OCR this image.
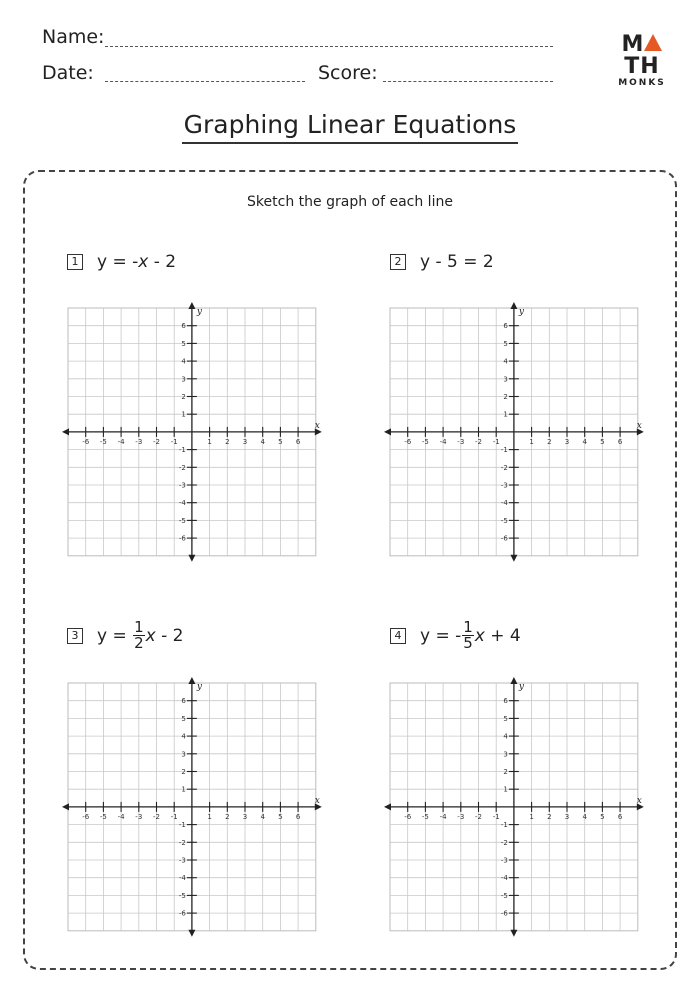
Name:
Date:	Score:
MTH
MONKS
Graphing Linear Equations
Sketch the graph of each line
1 y = - x - 2	2 y - 5 = 2
3 $y = \frac{1}{2}$ x - 2	4 y = - $\frac{1}{5}$ x + 4
-6 -5 -4 -3 -2 -1	1 2 3 4 5 6
6
5
4
3
2
1
-1
-2
-3
-4
-5
-6
x
y
-6 -5 -4 -3 -2 -1	1 2 3 4 5 6
6
5
4
3
2
1
-1
-2
-3
-4
-5
-6
x
y
-6 -5 -4 -3 -2 -1	1 2 3 4 5 6
6
5
4
3
2
1
-1
-2
-3
-4
-5
-6
x
y
-6 -5 -4 -3 -2 -1	1 2 3 4 5 6
6
5
4
3
2
1
-1
-2
-3
-4
-5
-6
x
y
